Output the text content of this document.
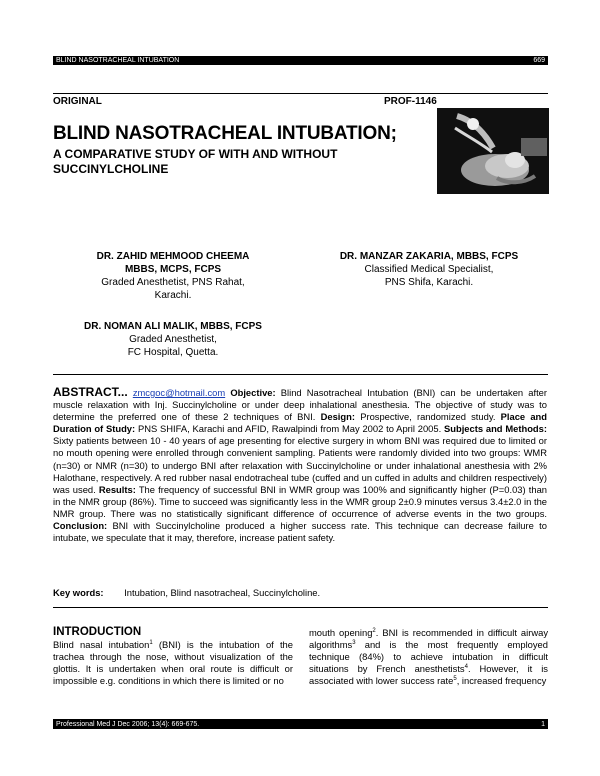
BLIND NASOTRACHEAL INTUBATION	669
ORIGINAL	PROF-1146
BLIND NASOTRACHEAL INTUBATION;
A COMPARATIVE STUDY OF WITH AND WITHOUT SUCCINYLCHOLINE
DR. ZAHID MEHMOOD CHEEMA
MBBS, MCPS, FCPS
Graded Anesthetist, PNS Rahat,
Karachi.
DR. NOMAN ALI MALIK, MBBS, FCPS
Graded Anesthetist,
FC Hospital, Quetta.
DR. MANZAR ZAKARIA, MBBS, FCPS
Classified Medical Specialist,
PNS Shifa, Karachi.
ABSTRACT... zmcgoc@hotmail.com Objective: Blind Nasotracheal Intubation (BNI) can be undertaken after muscle relaxation with Inj. Succinylcholine or under deep inhalational anesthesia. The objective of study was to determine the preferred one of these 2 techniques of BNI. Design: Prospective, randomized study. Place and Duration of Study: PNS SHIFA, Karachi and AFID, Rawalpindi from May 2002 to April 2005. Subjects and Methods: Sixty patients between 10 - 40 years of age presenting for elective surgery in whom BNI was required due to limited or no mouth opening were enrolled through convenient sampling. Patients were randomly divided into two groups: WMR (n=30) or NMR (n=30) to undergo BNI after relaxation with Succinylcholine or under inhalational anesthesia with 2% Halothane, respectively. A red rubber nasal endotracheal tube (cuffed and un cuffed in adults and children respectively) was used. Results: The frequency of successful BNI in WMR group was 100% and significantly higher (P=0.03) than in the NMR group (86%). Time to succeed was significantly less in the WMR group 2±0.9 minutes versus 3.4±2.0 in the NMR group. There was no statistically significant difference of occurrence of adverse events in the two groups. Conclusion: BNI with Succinylcholine produced a higher success rate. This technique can decrease failure to intubate, we speculate that it may, therefore, increase patient safety.
Key words: Intubation, Blind nasotracheal, Succinylcholine.
INTRODUCTION
Blind nasal intubation$^1$ (BNI) is the intubation of the trachea through the nose, without visualization of the glottis. It is undertaken when oral route is difficult or impossible e.g. conditions in which there is limited or no
mouth opening$^2$. BNI is recommended in difficult airway algorithms$^3$ and is the most frequently employed technique (84%) to achieve intubation in difficult situations by French anesthetists$^4$. However, it is associated with lower success rate$^5$, increased frequency
Professional Med J Dec 2006; 13(4): 669-675.	1
